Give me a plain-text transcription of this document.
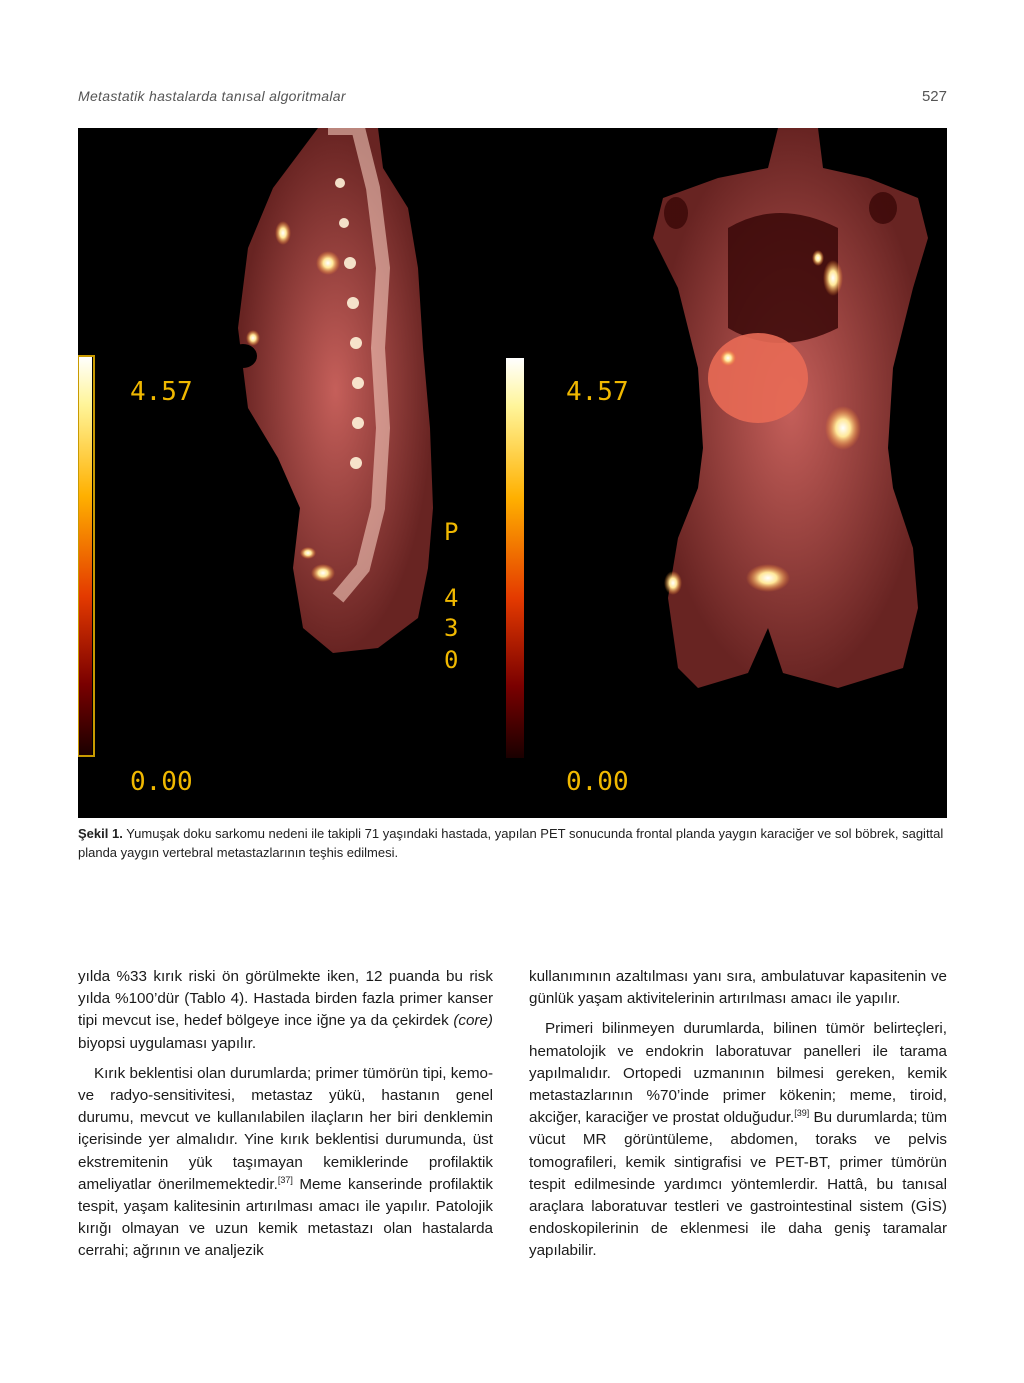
Metastatik hastalarda tanısal algoritmalar	527
4.57
0.00
P
4
3
0
4.57
0.00
Şekil 1. Yumuşak doku sarkomu nedeni ile takipli 71 yaşındaki hastada, yapılan PET sonucunda frontal planda yaygın karaciğer ve sol böbrek, sagittal planda yaygın vertebral metastazlarının teşhis edilmesi.

yılda %33 kırık riski ön görülmekte iken, 12 puanda bu risk yılda %100’dür (Tablo 4). Hastada birden fazla primer kanser tipi mevcut ise, hedef bölgeye ince iğne ya da çekirdek (core) biyopsi uygulaması yapılır.

Kırık beklentisi olan durumlarda; primer tümörün tipi, kemo- ve radyo-sensitivitesi, metastaz yükü, hastanın genel durumu, mevcut ve kullanılabilen ilaçların her biri denklemin içerisinde yer almalıdır. Yine kırık beklentisi durumunda, üst ekstremitenin yük taşımayan kemiklerinde profilaktik ameliyatlar önerilmemektedir.[37] Meme kanserinde profilaktik tespit, yaşam kalitesinin artırılması amacı ile yapılır. Patolojik kırığı olmayan ve uzun kemik metastazı olan hastalarda cerrahi; ağrının ve analjezik

kullanımının azaltılması yanı sıra, ambulatuvar kapasitenin ve günlük yaşam aktivitelerinin artırılması amacı ile yapılır.

Primeri bilinmeyen durumlarda, bilinen tümör belirteçleri, hematolojik ve endokrin laboratuvar panelleri ile tarama yapılmalıdır. Ortopedi uzmanının bilmesi gereken, kemik metastazlarının %70’inde primer kökenin; meme, tiroid, akciğer, karaciğer ve prostat olduğudur.[39] Bu durumlarda; tüm vücut MR görüntüleme, abdomen, toraks ve pelvis tomografileri, kemik sintigrafisi ve PET-BT, primer tümörün tespit edilmesinde yardımcı yöntemlerdir. Hattâ, bu tanısal araçlara laboratuvar testleri ve gastrointestinal sistem (GİS) endoskopilerinin de eklenmesi ile daha geniş taramalar yapılabilir.
